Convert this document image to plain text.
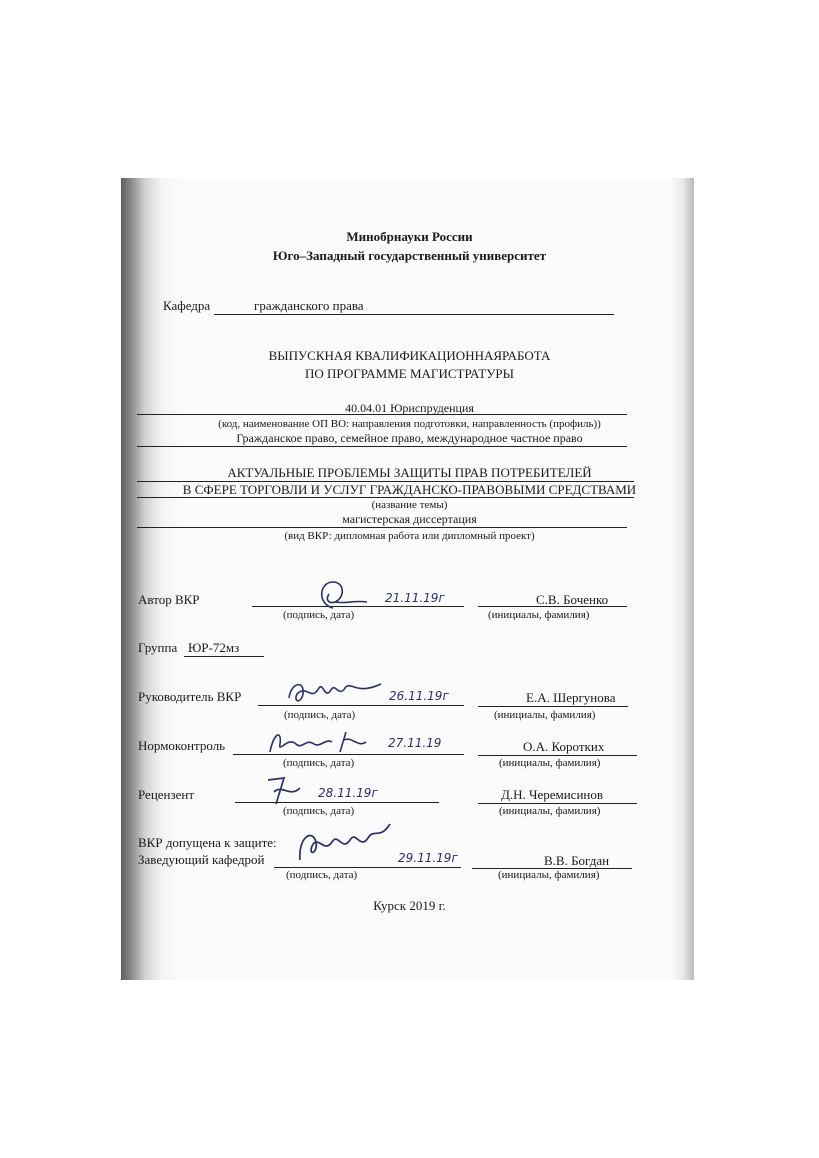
Минобрнауки России
Юго–Западный государственный университет
Кафедра	гражданского права
ВЫПУСКНАЯ КВАЛИФИКАЦИОННАЯРАБОТА
ПО ПРОГРАММЕ МАГИСТРАТУРЫ
40.04.01 Юриспруденция
(код, наименование ОП ВО: направления подготовки, направленность (профиль))
Гражданское право, семейное право, международное частное право
АКТУАЛЬНЫЕ ПРОБЛЕМЫ ЗАЩИТЫ ПРАВ ПОТРЕБИТЕЛЕЙ
В СФЕРЕ ТОРГОВЛИ И УСЛУГ ГРАЖДАНСКО-ПРАВОВЫМИ СРЕДСТВАМИ
(название темы)
магистерская диссертация
(вид ВКР: дипломная работа или дипломный проект)
Автор ВКР	21.11.19г	С.В. Боченко
(подпись, дата)	(инициалы, фамилия)
Группа ЮР-72мз
Руководитель ВКР	26.11.19г	Е.А. Шергунова
(подпись, дата)	(инициалы, фамилия)
Нормоконтроль	27.11.19	О.А. Коротких
(подпись, дата)	(инициалы, фамилия)
Рецензент	28.11.19г	Д.Н. Черемисинов
(подпись, дата)	(инициалы, фамилия)
ВКР допущена к защите:
Заведующий кафедрой	29.11.19г	В.В. Богдан
(подпись, дата)	(инициалы, фамилия)
Курск 2019 г.
